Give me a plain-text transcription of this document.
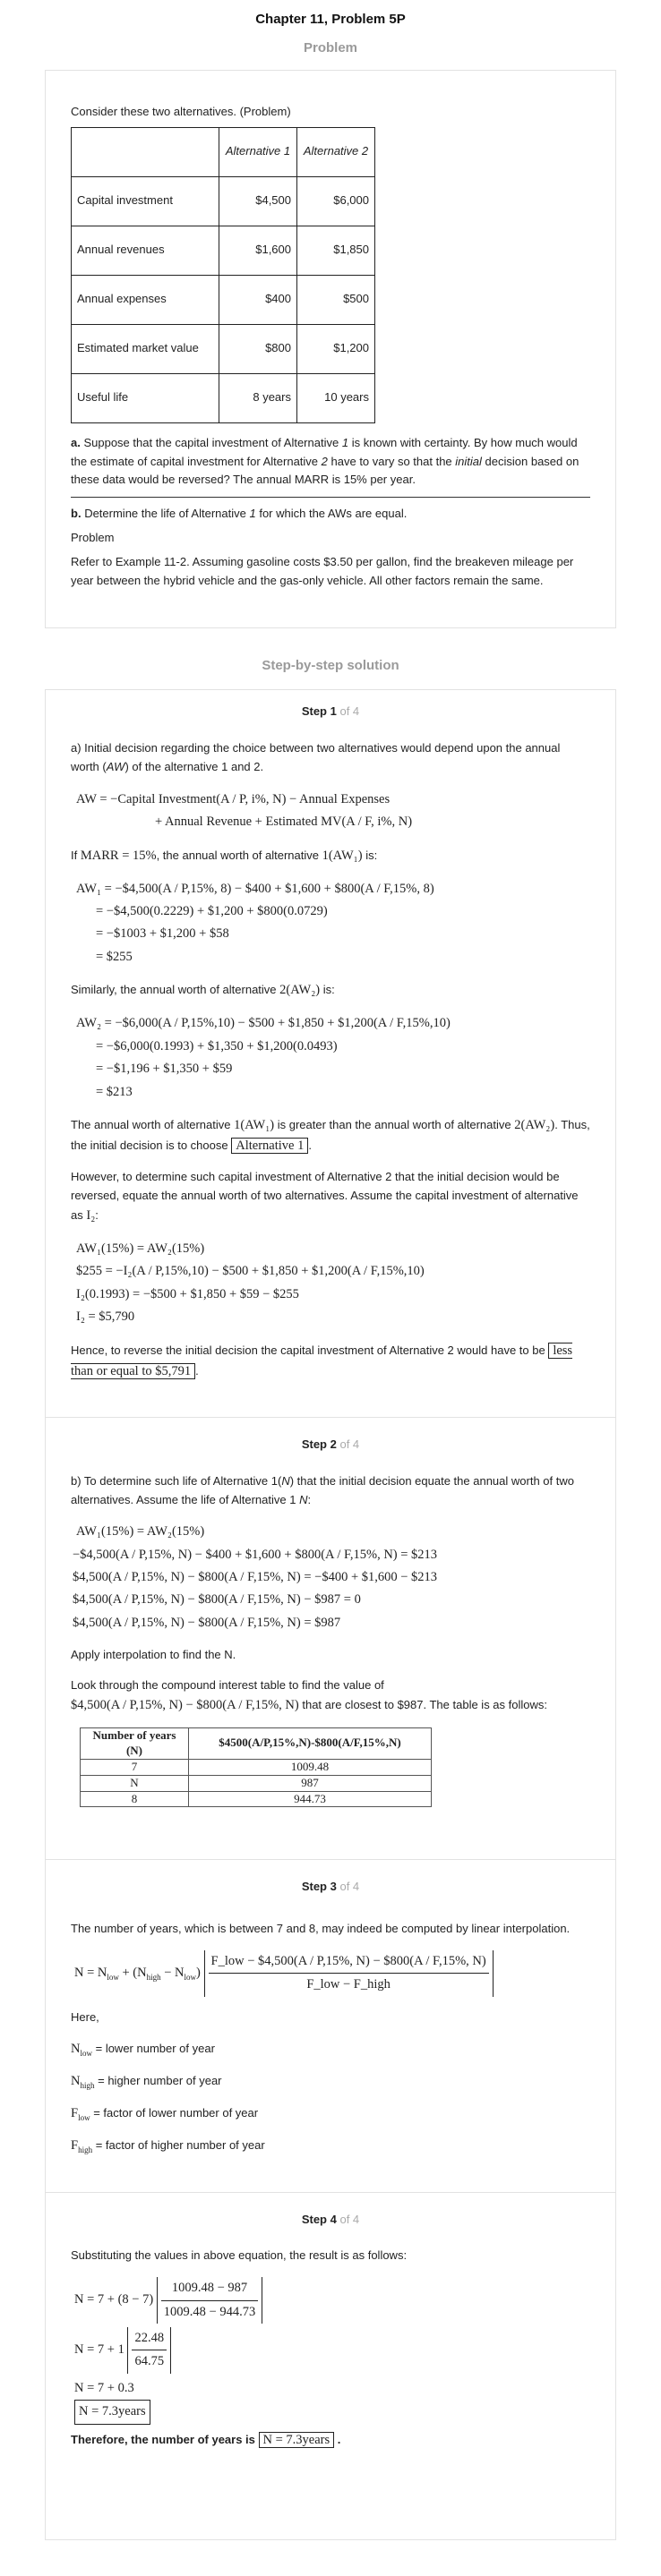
Chapter 11, Problem 5P
Problem

Consider these two alternatives. (Problem)

	Alternative 1	Alternative 2
Capital investment	$4,500	$6,000
Annual revenues	$1,600	$1,850
Annual expenses	$400	$500
Estimated market value	$800	$1,200
Useful life	8 years	10 years

a. Suppose that the capital investment of Alternative 1 is known with certainty. By how much would the estimate of capital investment for Alternative 2 have to vary so that the initial decision based on these data would be reversed? The annual MARR is 15% per year.

b. Determine the life of Alternative 1 for which the AWs are equal.

Problem

Refer to Example 11-2. Assuming gasoline costs $3.50 per gallon, find the breakeven mileage per year between the hybrid vehicle and the gas-only vehicle. All other factors remain the same.

Step-by-step solution
Step 1 of 4

a) Initial decision regarding the choice between two alternatives would depend upon the annual worth (AW) of the alternative 1 and 2.

AW = −Capital Investment(A / P, i%, N) − Annual Expenses
+ Annual Revenue + Estimated MV(A / F, i%, N)

If MARR = 15%, the annual worth of alternative 1(AW₁) is:

AW₁ = −$4,500(A / P,15%, 8) − $400 + $1,600 + $800(A / F,15%, 8)
= −$4,500(0.2229) + $1,200 + $800(0.0729)
= −$1003 + $1,200 + $58
= $255

Similarly, the annual worth of alternative 2(AW₂) is:

AW₂ = −$6,000(A / P,15%,10) − $500 + $1,850 + $1,200(A / F,15%,10)
= −$6,000(0.1993) + $1,350 + $1,200(0.0493)
= −$1,196 + $1,350 + $59
= $213

The annual worth of alternative 1(AW₁) is greater than the annual worth of alternative 2(AW₂). Thus, the initial decision is to choose Alternative 1 .

However, to determine such capital investment of Alternative 2 that the initial decision would be reversed, equate the annual worth of two alternatives. Assume the capital investment of alternative as I₂:

AW₁(15%) = AW₂(15%)
$255 = −I₂(A / P,15%,10) − $500 + $1,850 + $1,200(A / F,15%,10)
I₂(0.1993) = −$500 + $1,850 + $59 − $255
I₂ = $5,790

Hence, to reverse the initial decision the capital investment of Alternative 2 would have to be less than or equal to $5,791 .

Step 2 of 4

b) To determine such life of Alternative 1(N) that the initial decision equate the annual worth of two alternatives. Assume the life of Alternative 1 N:

AW₁(15%) = AW₂(15%)
−$4,500(A / P,15%, N) − $400 + $1,600 + $800(A / F,15%, N) = $213
$4,500(A / P,15%, N) − $800(A / F,15%, N) = −$400 + $1,600 − $213
$4,500(A / P,15%, N) − $800(A / F,15%, N) − $987 = 0
$4,500(A / P,15%, N) − $800(A / F,15%, N) = $987

Apply interpolation to find the N.

Look through the compound interest table to find the value of
$4,500(A / P,15%, N) − $800(A / F,15%, N) that are closest to $987. The table is as follows:

Number of years (N)	$4500(A/P,15%,N)-$800(A/F,15%,N)
7	1009.48
N	987
8	944.73
Step 3 of 4

The number of years, which is between 7 and 8, may indeed be computed by linear interpolation.

$N = N_{low} + (N_{high} - N_{low}) \frac{\text{F\_low − \$4,500(A / P,15\%, N) − \$800(A / F,15\%, N)}}{\text{F\_low − F\_high}}$

Here,

$N_{low}$ = lower number of year

$N_{high}$ = higher number of year

$F_{low}$ = factor of lower number of year

$F_{high}$ = factor of higher number of year

Step 4 of 4

Substituting the values in above equation, the result is as follows:

$N = 7 + (8 - 7) \frac{1009.48 - 987}{1009.48 - 944.73}$
$N = 7 + 1 \frac{22.48}{64.75}$
N = 7 + 0.3
N = 7.3years

Therefore, the number of years is N = 7.3years .
